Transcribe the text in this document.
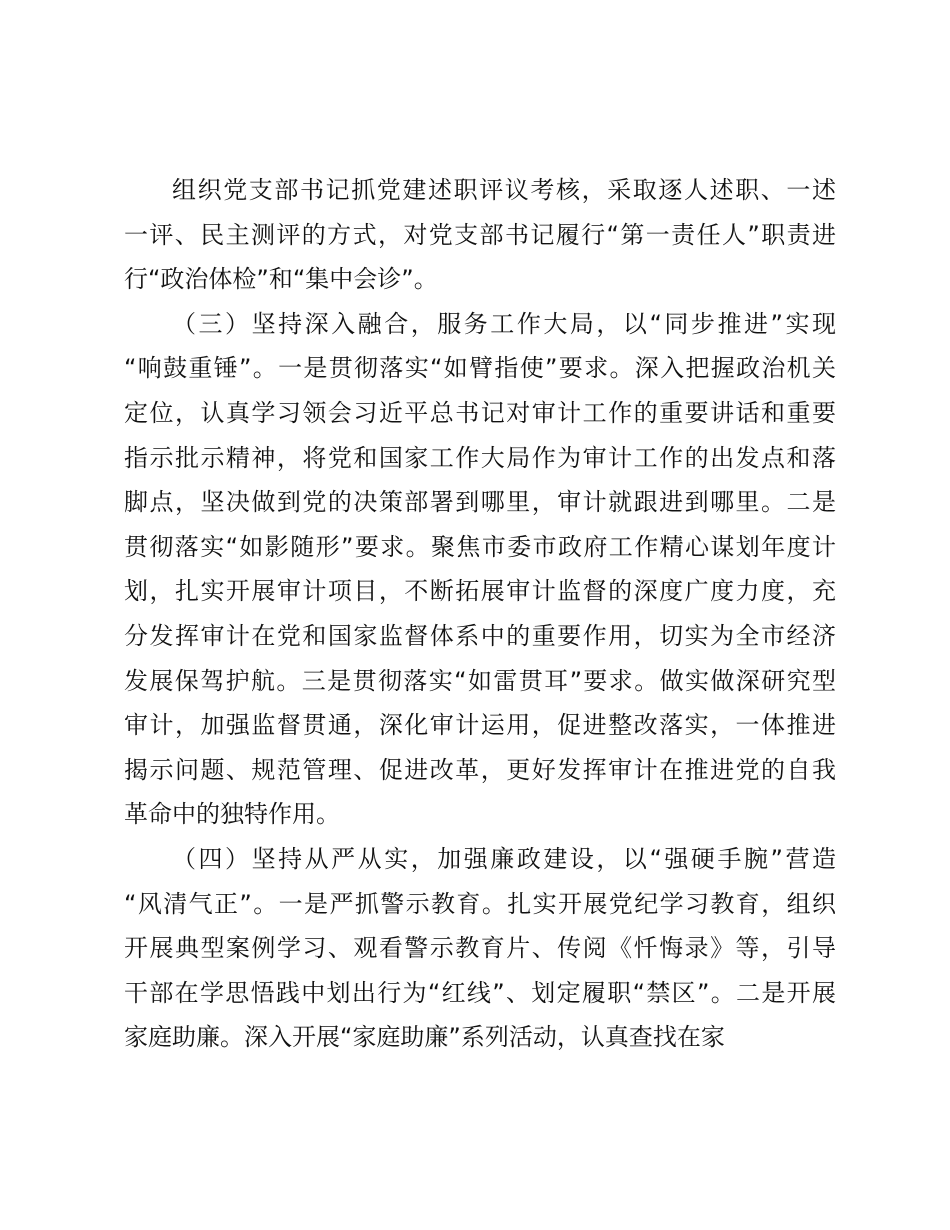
组织党支部书记抓党建述职评议考核，采取逐人述职、一述
一评、民主测评的方式，对党支部书记履行“第一责任人”职责进
行“政治体检”和“集中会诊”。
（三）坚持深入融合，服务工作大局，以“同步推进”实现
“响鼓重锤”。一是贯彻落实“如臂指使”要求。深入把握政治机关
定位，认真学习领会习近平总书记对审计工作的重要讲话和重要
指示批示精神，将党和国家工作大局作为审计工作的出发点和落
脚点，坚决做到党的决策部署到哪里，审计就跟进到哪里。二是
贯彻落实“如影随形”要求。聚焦市委市政府工作精心谋划年度计
划，扎实开展审计项目，不断拓展审计监督的深度广度力度，充
分发挥审计在党和国家监督体系中的重要作用，切实为全市经济
发展保驾护航。三是贯彻落实“如雷贯耳”要求。做实做深研究型
审计，加强监督贯通，深化审计运用，促进整改落实，一体推进
揭示问题、规范管理、促进改革，更好发挥审计在推进党的自我
革命中的独特作用。
（四）坚持从严从实，加强廉政建设，以“强硬手腕”营造
“风清气正”。一是严抓警示教育。扎实开展党纪学习教育，组织
开展典型案例学习、观看警示教育片、传阅《忏悔录》等，引导
干部在学思悟践中划出行为“红线”、划定履职“禁区”。二是开展
家庭助廉。深入开展“家庭助廉”系列活动，认真查找在家
